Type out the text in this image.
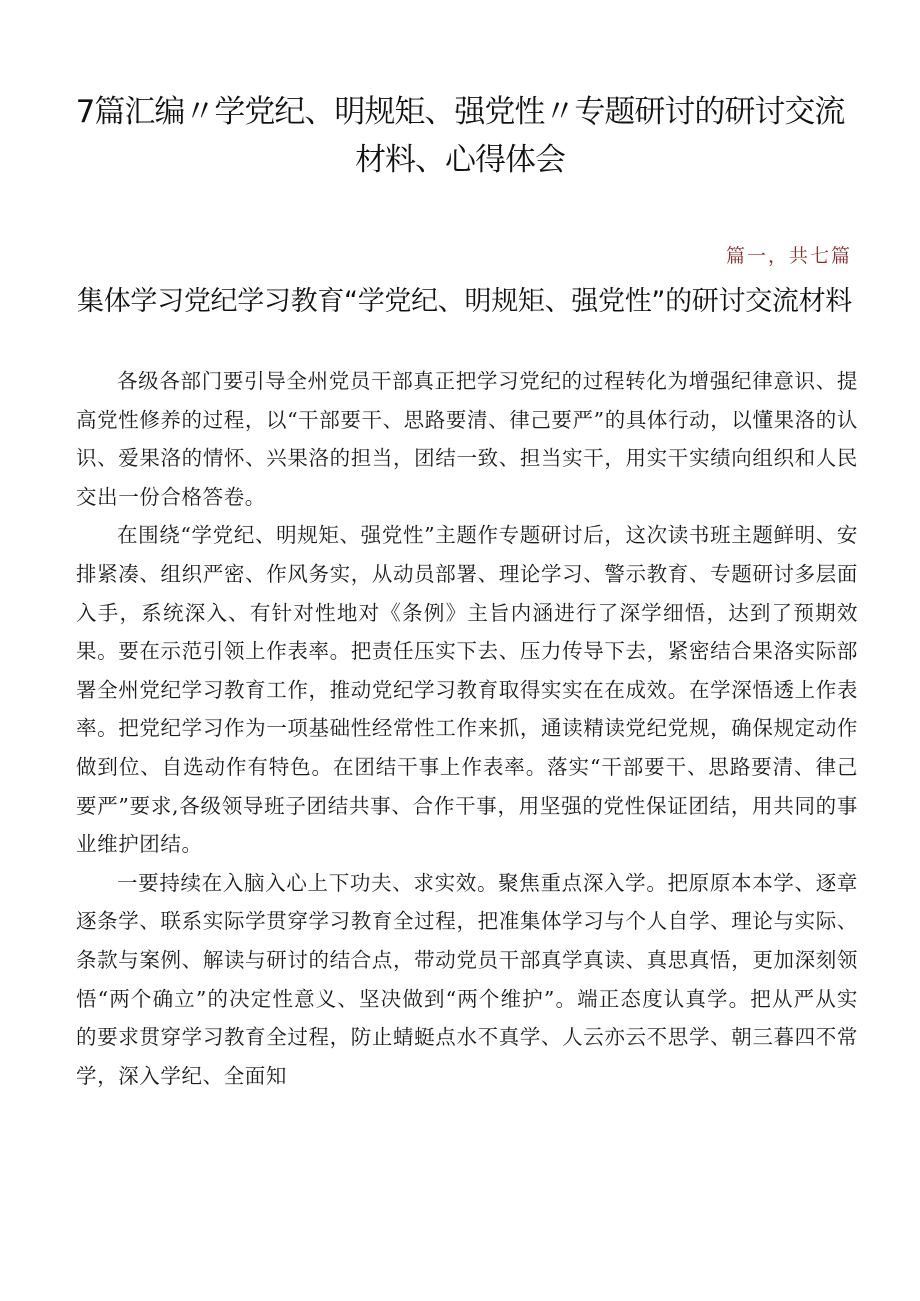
7篇汇编〃学党纪、明规矩、强党性〃专题研讨的研讨交流材料、心得体会
篇一，共七篇
集体学习党纪学习教育“学党纪、明规矩、强党性”的研讨交流材料

各级各部门要引导全州党员干部真正把学习党纪的过程转化为增强纪律意识、提高党性修养的过程，以“干部要干、思路要清、律己要严”的具体行动，以懂果洛的认识、爱果洛的情怀、兴果洛的担当，团结一致、担当实干，用实干实绩向组织和人民交出一份合格答卷。

在围绕“学党纪、明规矩、强党性”主题作专题研讨后，这次读书班主题鲜明、安排紧凑、组织严密、作风务实，从动员部署、理论学习、警示教育、专题研讨多层面入手，系统深入、有针对性地对《条例》主旨内涵进行了深学细悟，达到了预期效果。要在示范引领上作表率。把责任压实下去、压力传导下去，紧密结合果洛实际部署全州党纪学习教育工作，推动党纪学习教育取得实实在在成效。在学深悟透上作表率。把党纪学习作为一项基础性经常性工作来抓，通读精读党纪党规，确保规定动作做到位、自选动作有特色。在团结干事上作表率。落实“干部要干、思路要清、律己要严”要求,各级领导班子团结共事、合作干事，用坚强的党性保证团结，用共同的事业维护团结。

一要持续在入脑入心上下功夫、求实效。聚焦重点深入学。把原原本本学、逐章逐条学、联系实际学贯穿学习教育全过程，把准集体学习与个人自学、理论与实际、条款与案例、解读与研讨的结合点，带动党员干部真学真读、真思真悟，更加深刻领悟“两个确立”的决定性意义、坚决做到“两个维护”。端正态度认真学。把从严从实的要求贯穿学习教育全过程，防止蜻蜓点水不真学、人云亦云不思学、朝三暮四不常学，深入学纪、全面知
